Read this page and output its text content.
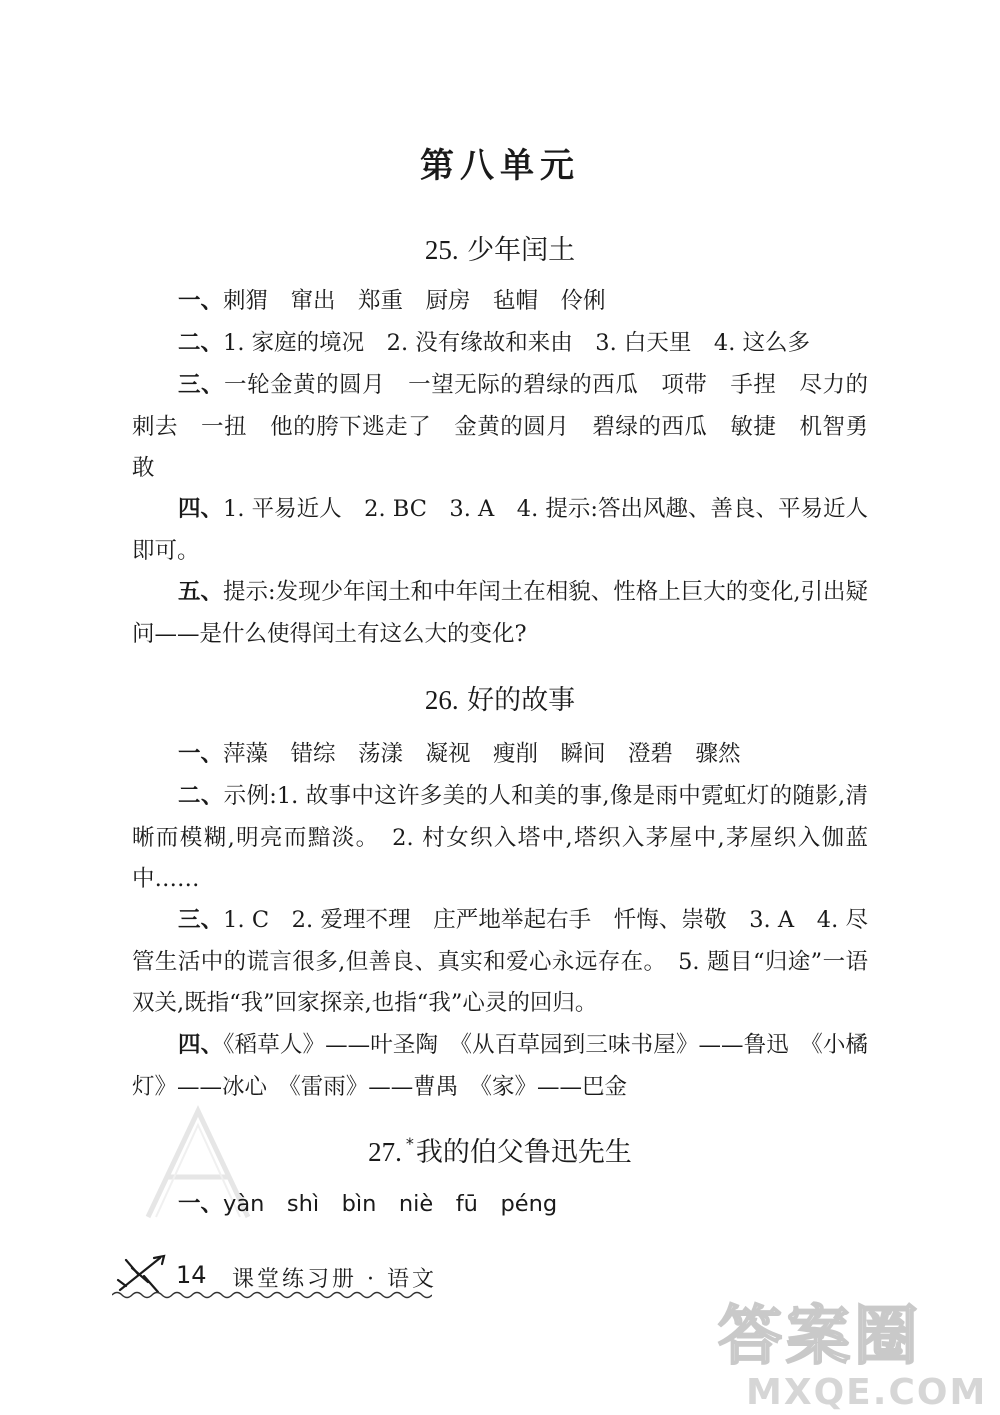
第八单元
25. 少年闰土
一、刺猬　窜出　郑重　厨房　毡帽　伶俐
二、1. 家庭的境况　2. 没有缘故和来由　3. 白天里　4. 这么多
三、一轮金黄的圆月　一望无际的碧绿的西瓜　项带　手捏　尽力的刺去　一扭　他的胯下逃走了　金黄的圆月　碧绿的西瓜　敏捷　机智勇敢
四、1. 平易近人　2. BC　3. A　4. 提示:答出风趣、善良、平易近人即可。
五、提示:发现少年闰土和中年闰土在相貌、性格上巨大的变化,引出疑问——是什么使得闰土有这么大的变化?
26. 好的故事
一、萍藻　错综　荡漾　凝视　瘦削　瞬间　澄碧　骤然
二、示例:1. 故事中这许多美的人和美的事,像是雨中霓虹灯的随影,清晰而模糊,明亮而黯淡。　2. 村女织入塔中,塔织入茅屋中,茅屋织入伽蓝中……
三、1. C　2. 爱理不理　庄严地举起右手　忏悔、崇敬　3. A　4. 尽管生活中的谎言很多,但善良、真实和爱心永远存在。　5. 题目“归途”一语双关,既指“我”回家探亲,也指“我”心灵的回归。
四、《稻草人》——叶圣陶　《从百草园到三味书屋》——鲁迅　《小橘灯》——冰心　《雷雨》——曹禺　《家》——巴金
27. *我的伯父鲁迅先生
一、yàn　shì　bìn　niè　fū　péng
14 课堂练习册 · 语文
答案圈
MXQE.COM
